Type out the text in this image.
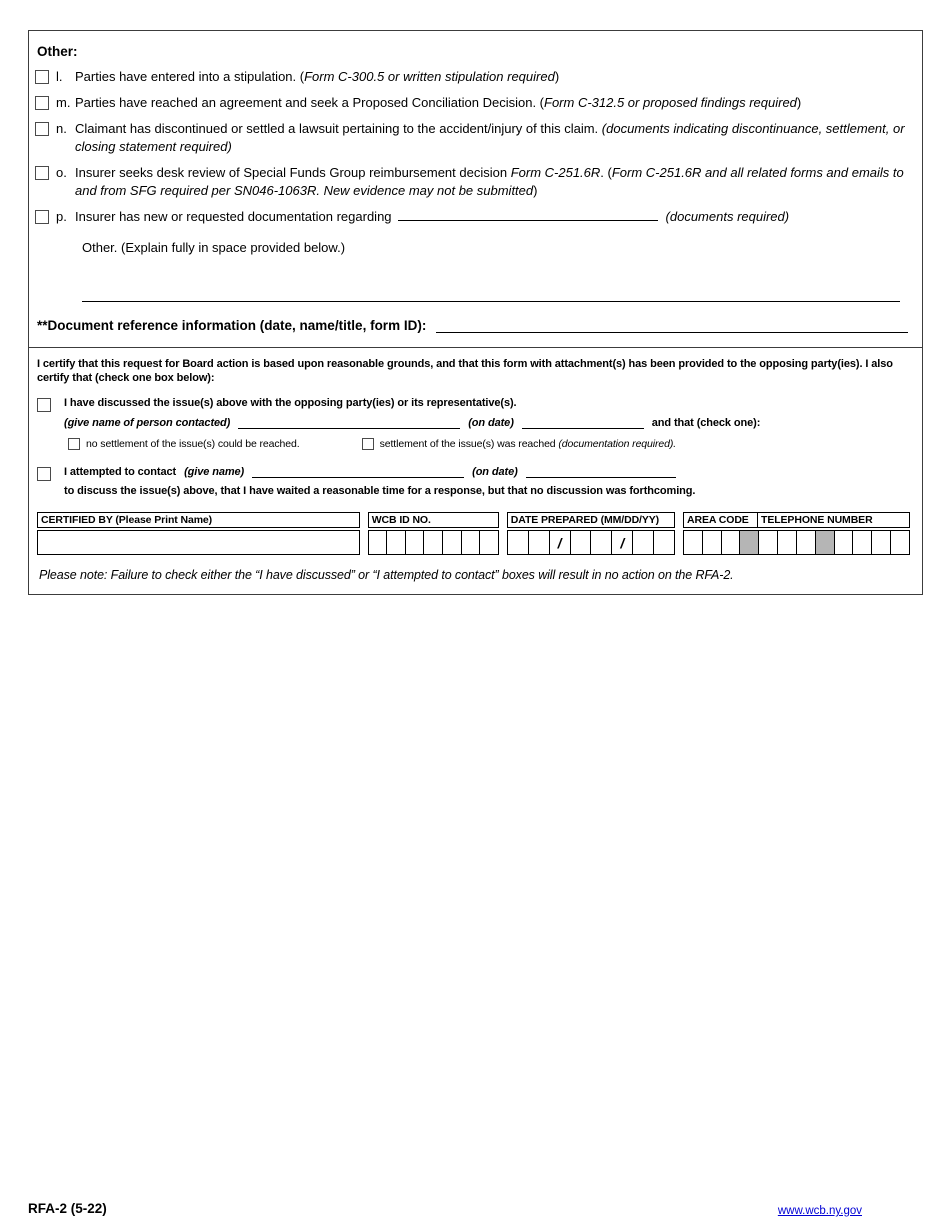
Other:
l. Parties have entered into a stipulation. (Form C-300.5 or written stipulation required)
m. Parties have reached an agreement and seek a Proposed Conciliation Decision. (Form C-312.5 or proposed findings required)
n. Claimant has discontinued or settled a lawsuit pertaining to the accident/injury of this claim. (documents indicating discontinuance, settlement, or closing statement required)
o. Insurer seeks desk review of Special Funds Group reimbursement decision Form C-251.6R. (Form C-251.6R and all related forms and emails to and from SFG required per SN046-1063R. New evidence may not be submitted)
p. Insurer has new or requested documentation regarding	(documents required)
Other. (Explain fully in space provided below.)
**Document reference information (date, name/title, form ID):

I certify that this request for Board action is based upon reasonable grounds, and that this form with attachment(s) has been provided to the opposing party(ies). I also certify that (check one box below):

I have discussed the issue(s) above with the opposing party(ies) or its representative(s).
(give name of person contacted)	(on date)	and that (check one):
no settlement of the issue(s) could be reached.	settlement of the issue(s) was reached (documentation required).
I attempted to contact (give name)	(on date)
to discuss the issue(s) above, that I have waited a reasonable time for a response, but that no discussion was forthcoming.
CERTIFIED BY (Please Print Name)	WCB ID NO.	DATE PREPARED (MM/DD/YY)
/	/
AREA CODE	TELEPHONE NUMBER

Please note: Failure to check either the “I have discussed” or “I attempted to contact” boxes will result in no action on the RFA-2.

RFA-2 (5-22)	www.wcb.ny.gov
